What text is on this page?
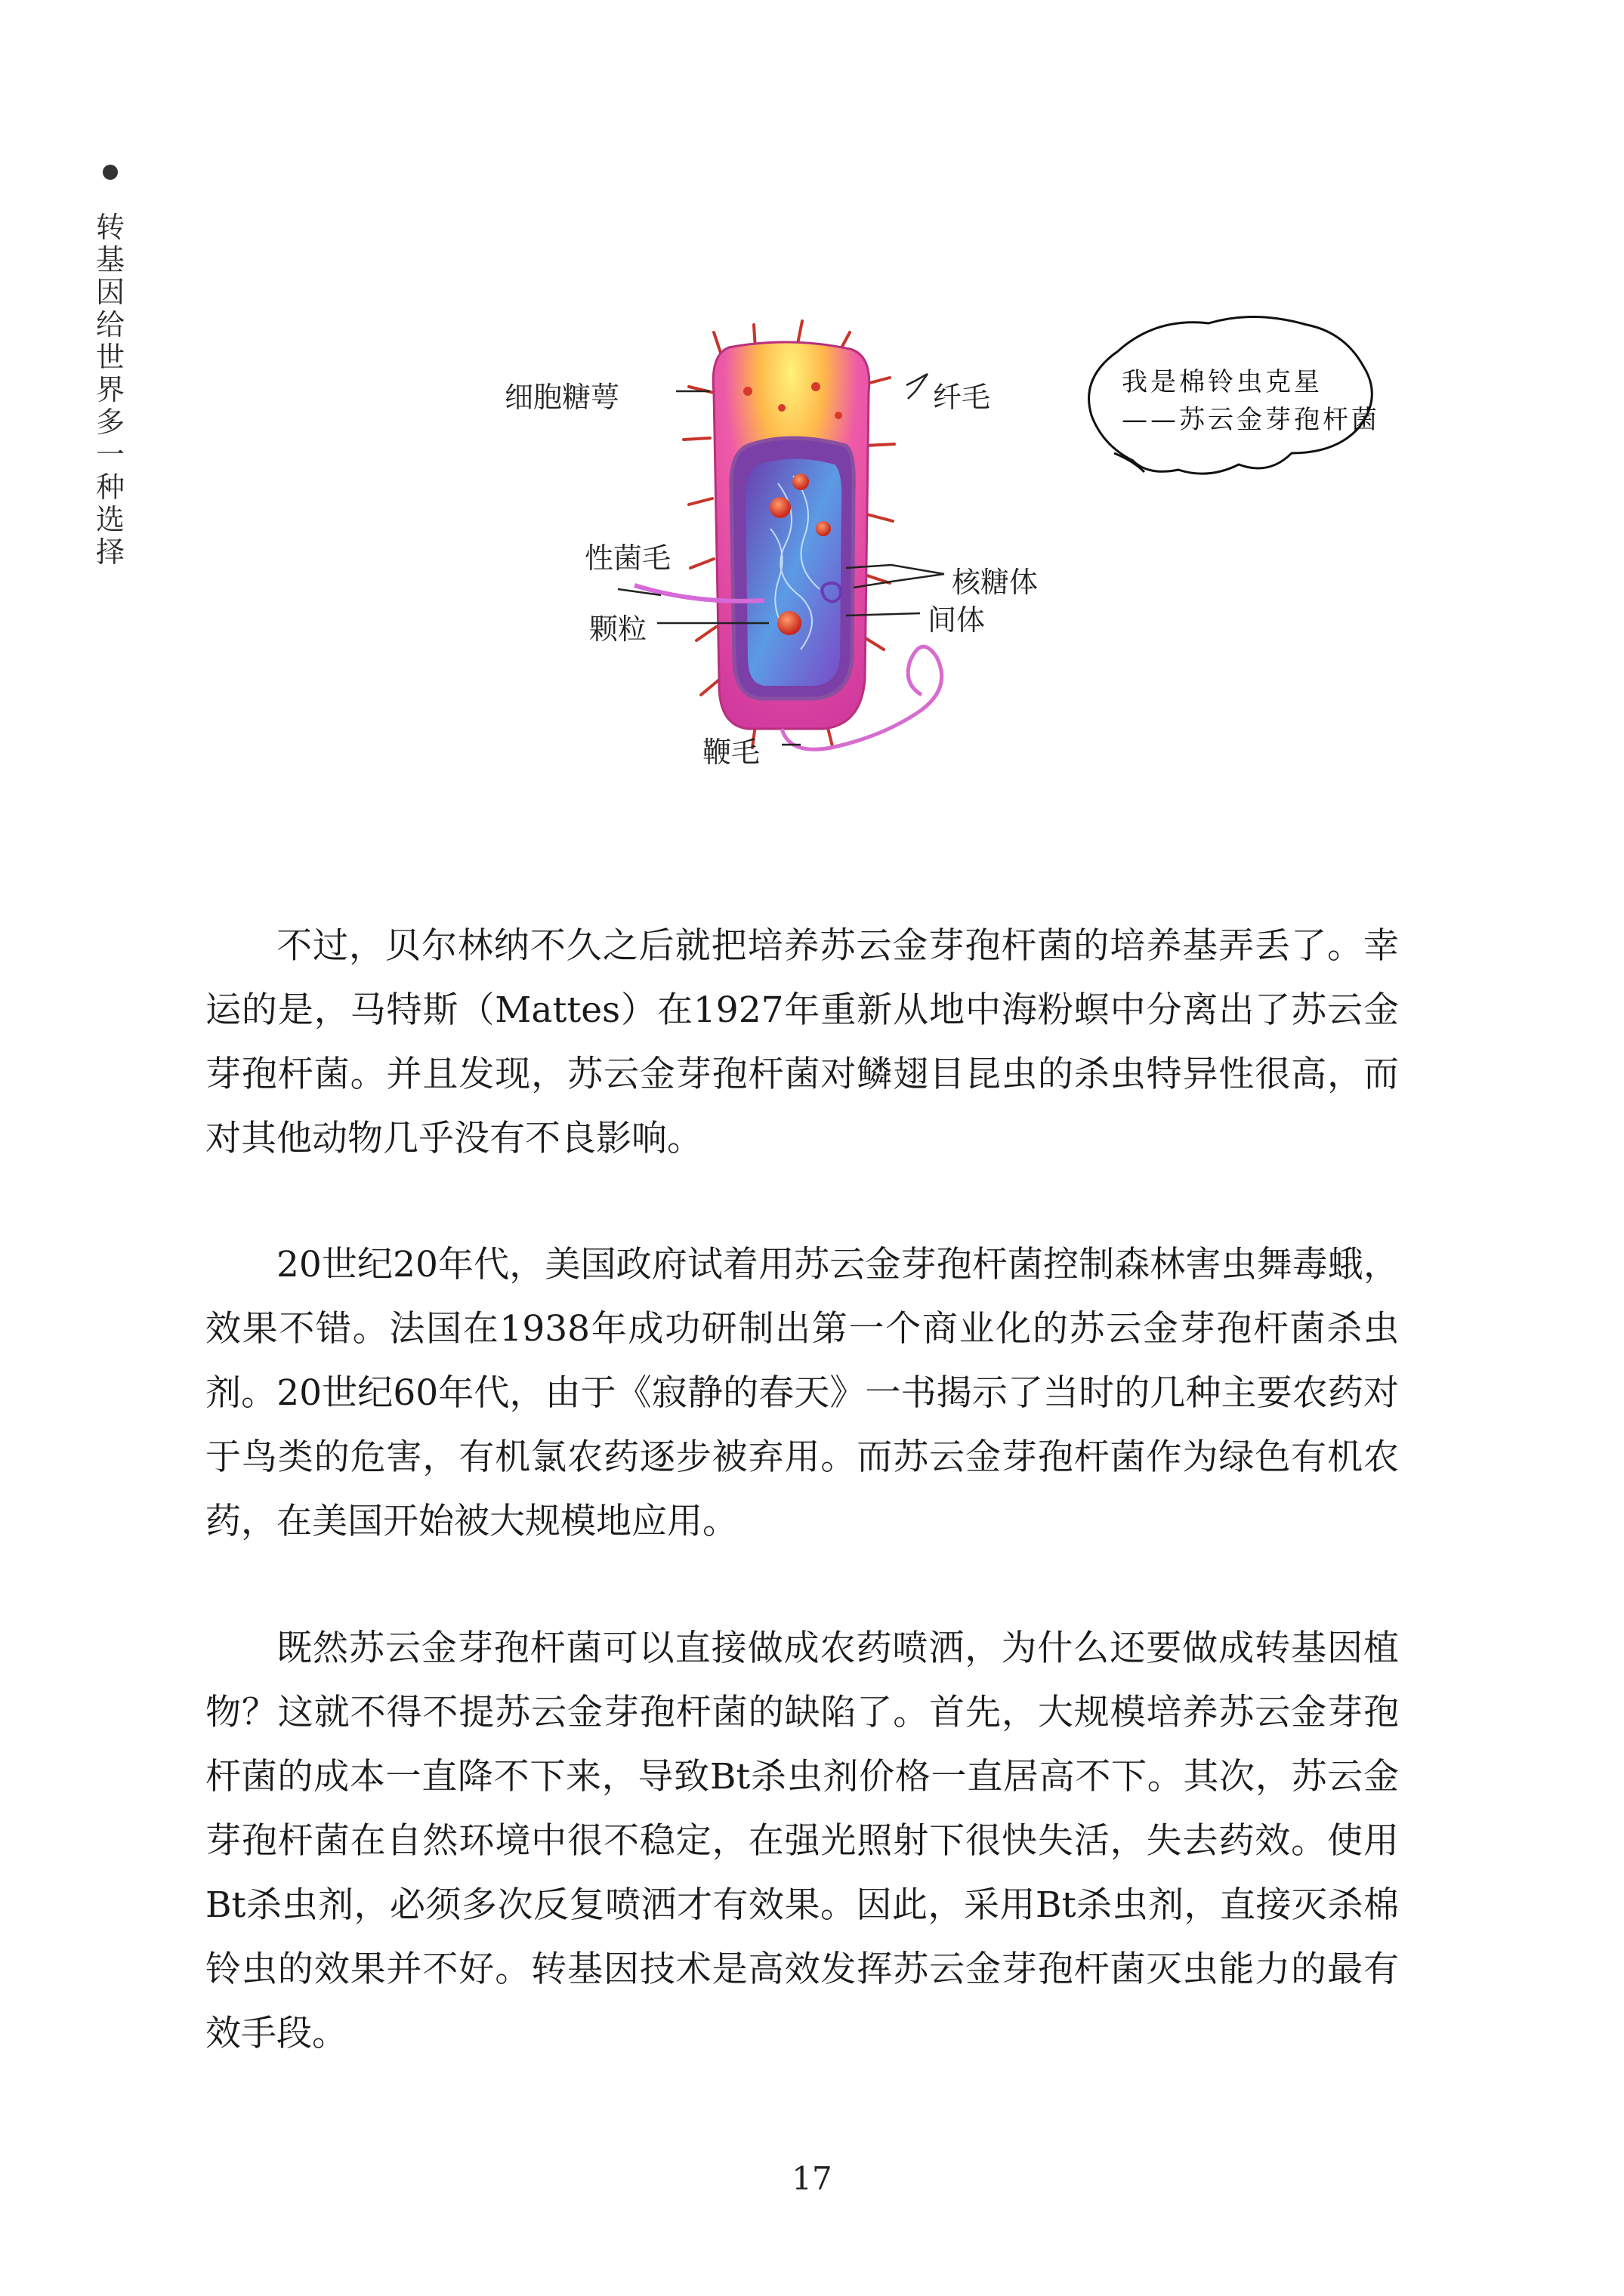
转基因给世界多一种选择
细胞糖萼	纤毛
性菌毛
颗粒
核糖体
间体
鞭毛
我是棉铃虫克星
——苏云金芽孢杆菌

不过，贝尔林纳不久之后就把培养苏云金芽孢杆菌的培养基弄丢了。幸运的是，马特斯（Mattes）在1927年重新从地中海粉螟中分离出了苏云金芽孢杆菌。并且发现，苏云金芽孢杆菌对鳞翅目昆虫的杀虫特异性很高，而对其他动物几乎没有不良影响。

20世纪20年代，美国政府试着用苏云金芽孢杆菌控制森林害虫舞毒蛾，效果不错。法国在1938年成功研制出第一个商业化的苏云金芽孢杆菌杀虫剂。20世纪60年代，由于《寂静的春天》一书揭示了当时的几种主要农药对于鸟类的危害，有机氯农药逐步被弃用。而苏云金芽孢杆菌作为绿色有机农药，在美国开始被大规模地应用。

既然苏云金芽孢杆菌可以直接做成农药喷洒，为什么还要做成转基因植物？这就不得不提苏云金芽孢杆菌的缺陷了。首先，大规模培养苏云金芽孢杆菌的成本一直降不下来，导致Bt杀虫剂价格一直居高不下。其次，苏云金芽孢杆菌在自然环境中很不稳定，在强光照射下很快失活，失去药效。使用Bt杀虫剂，必须多次反复喷洒才有效果。因此，采用Bt杀虫剂，直接灭杀棉铃虫的效果并不好。转基因技术是高效发挥苏云金芽孢杆菌灭虫能力的最有效手段。

17
